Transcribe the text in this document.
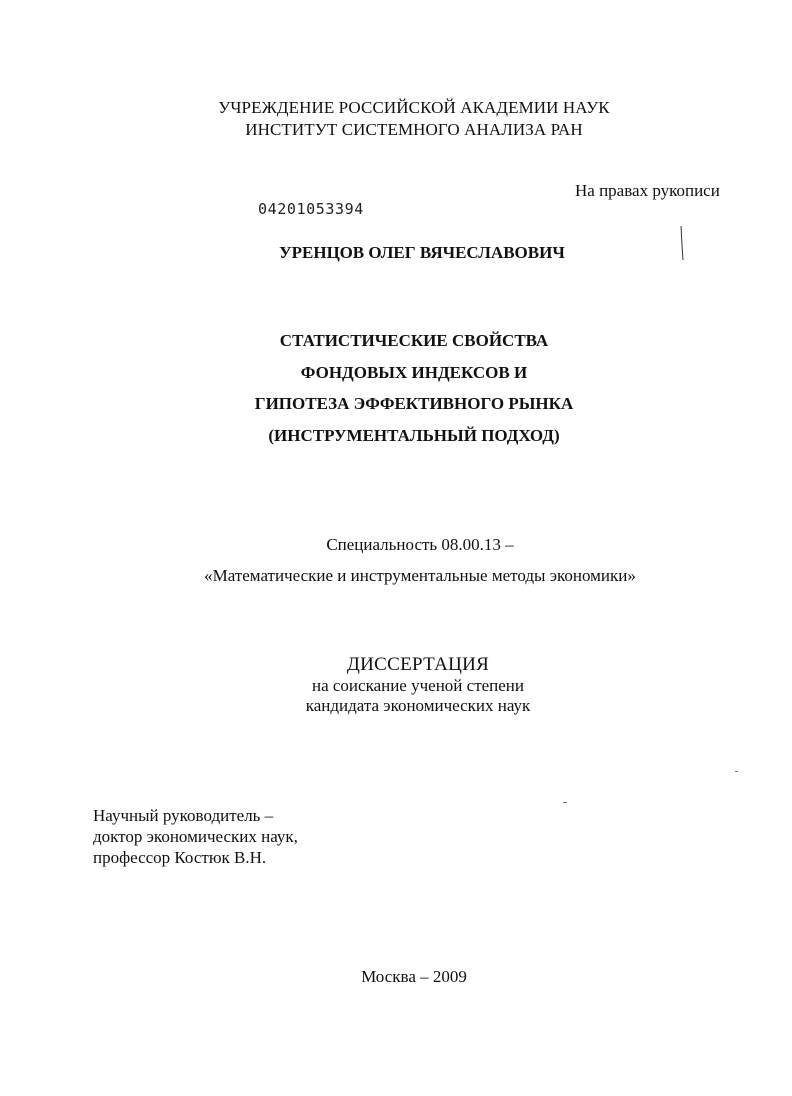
УЧРЕЖДЕНИЕ РОССИЙСКОЙ АКАДЕМИИ НАУК
ИНСТИТУТ СИСТЕМНОГО АНАЛИЗА РАН
На правах рукописи
04201053394
УРЕНЦОВ ОЛЕГ ВЯЧЕСЛАВОВИЧ
СТАТИСТИЧЕСКИЕ СВОЙСТВА
ФОНДОВЫХ ИНДЕКСОВ И
ГИПОТЕЗА ЭФФЕКТИВНОГО РЫНКА
(ИНСТРУМЕНТАЛЬНЫЙ ПОДХОД)
Специальность 08.00.13 –
«Математические и инструментальные методы экономики»
ДИССЕРТАЦИЯ
на соискание ученой степени
кандидата экономических наук
Научный руководитель –
доктор экономических наук,
профессор Костюк В.Н.
Москва – 2009
